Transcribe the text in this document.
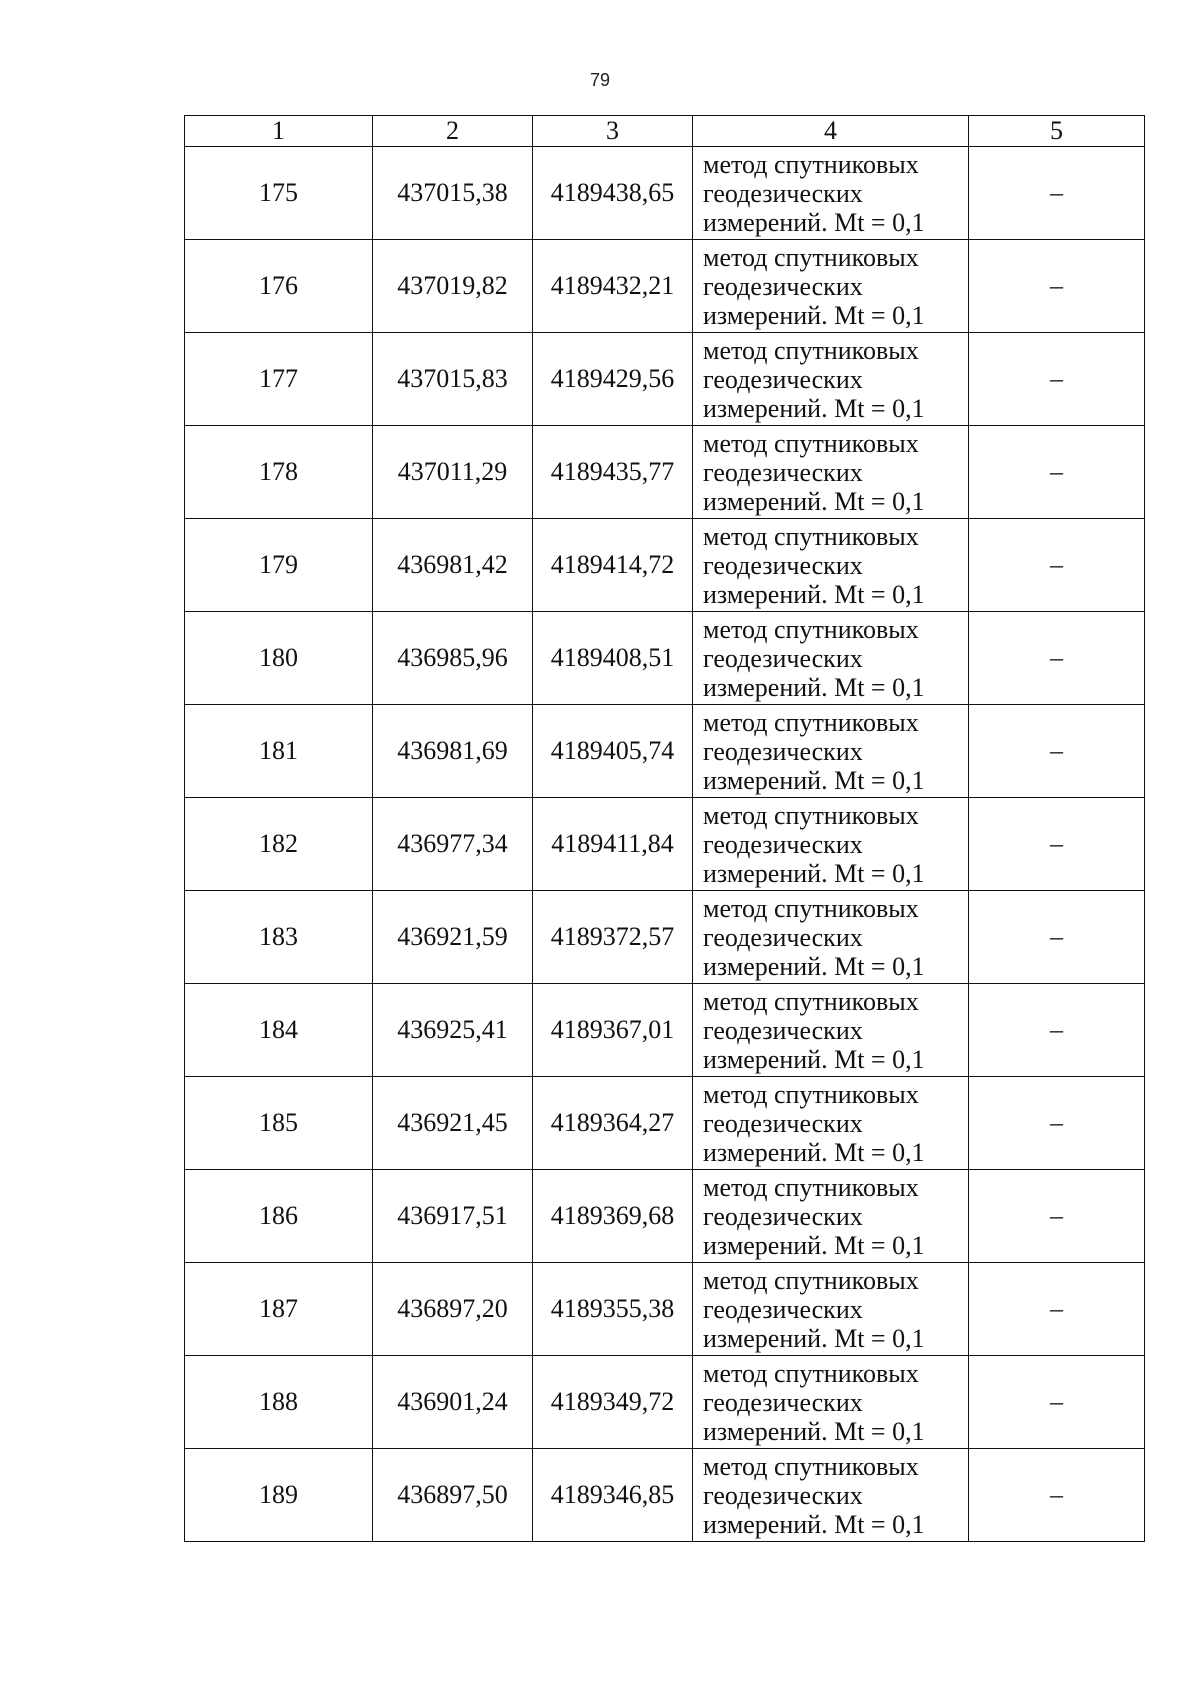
79
1	2	3	4	5
175	437015,38	4189438,65	метод спутниковых
геодезических
измерений. Mt = 0,1	–
176	437019,82	4189432,21	метод спутниковых
геодезических
измерений. Mt = 0,1	–
177	437015,83	4189429,56	метод спутниковых
геодезических
измерений. Mt = 0,1	–
178	437011,29	4189435,77	метод спутниковых
геодезических
измерений. Mt = 0,1	–
179	436981,42	4189414,72	метод спутниковых
геодезических
измерений. Mt = 0,1	–
180	436985,96	4189408,51	метод спутниковых
геодезических
измерений. Mt = 0,1	–
181	436981,69	4189405,74	метод спутниковых
геодезических
измерений. Mt = 0,1	–
182	436977,34	4189411,84	метод спутниковых
геодезических
измерений. Mt = 0,1	–
183	436921,59	4189372,57	метод спутниковых
геодезических
измерений. Mt = 0,1	–
184	436925,41	4189367,01	метод спутниковых
геодезических
измерений. Mt = 0,1	–
185	436921,45	4189364,27	метод спутниковых
геодезических
измерений. Mt = 0,1	–
186	436917,51	4189369,68	метод спутниковых
геодезических
измерений. Mt = 0,1	–
187	436897,20	4189355,38	метод спутниковых
геодезических
измерений. Mt = 0,1	–
188	436901,24	4189349,72	метод спутниковых
геодезических
измерений. Mt = 0,1	–
189	436897,50	4189346,85	метод спутниковых
геодезических
измерений. Mt = 0,1	–
